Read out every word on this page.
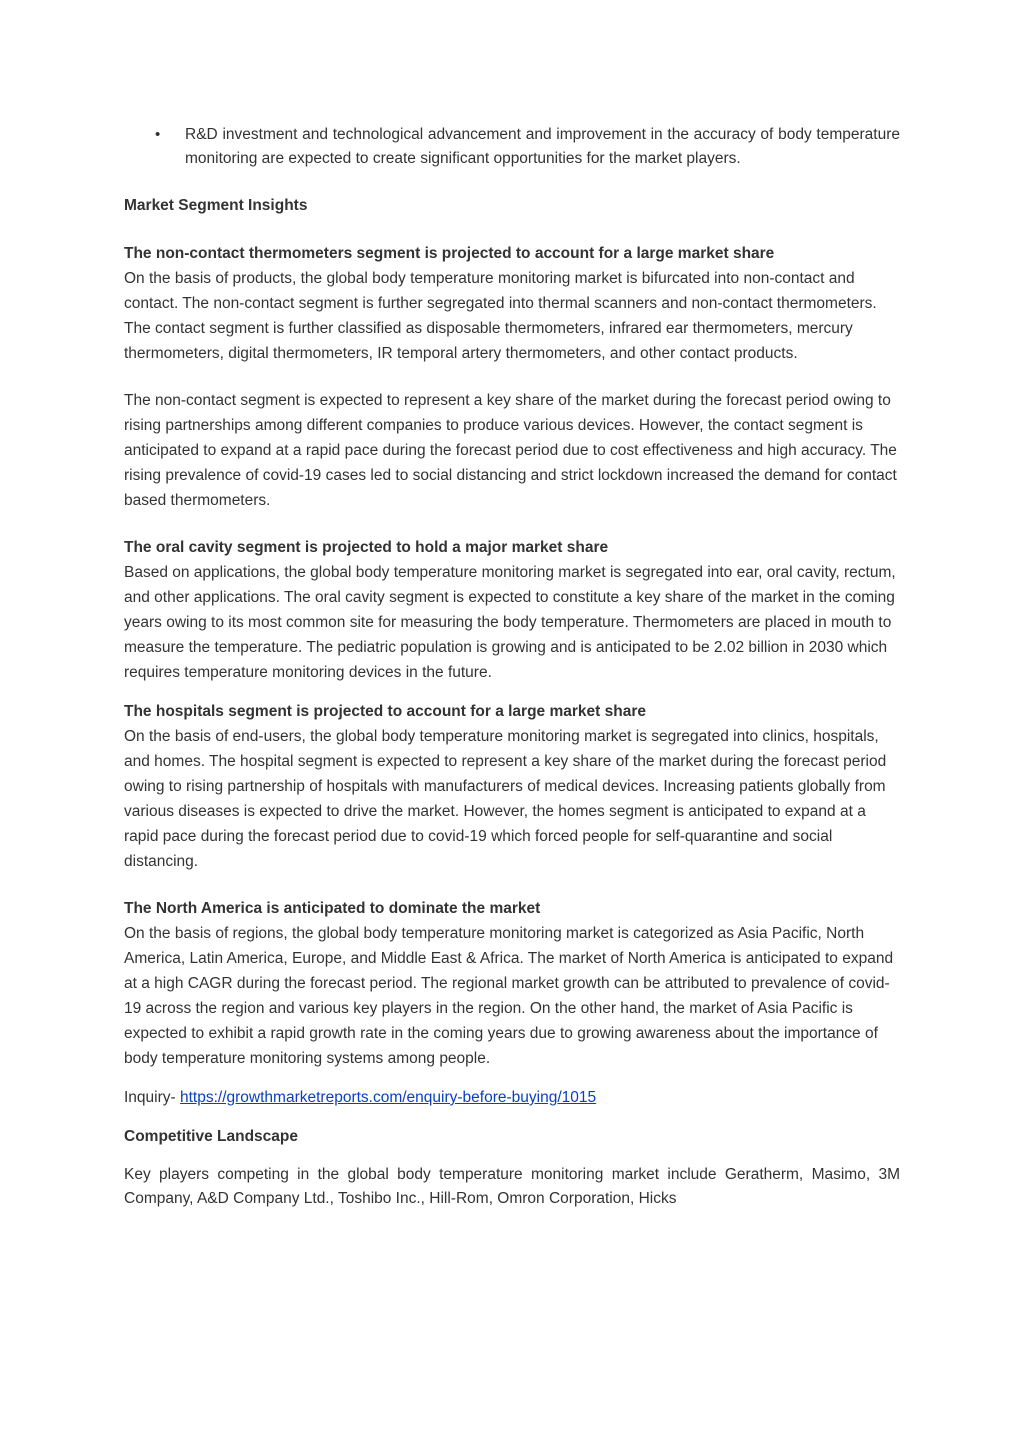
• R&D investment and technological advancement and improvement in the accuracy of body temperature monitoring are expected to create significant opportunities for the market players.

Market Segment Insights

The non-contact thermometers segment is projected to account for a large market share

On the basis of products, the global body temperature monitoring market is bifurcated into non-contact and contact. The non-contact segment is further segregated into thermal scanners and non-contact thermometers. The contact segment is further classified as disposable thermometers, infrared ear thermometers, mercury thermometers, digital thermometers, IR temporal artery thermometers, and other contact products.

The non-contact segment is expected to represent a key share of the market during the forecast period owing to rising partnerships among different companies to produce various devices. However, the contact segment is anticipated to expand at a rapid pace during the forecast period due to cost effectiveness and high accuracy. The rising prevalence of covid-19 cases led to social distancing and strict lockdown increased the demand for contact based thermometers.

The oral cavity segment is projected to hold a major market share

Based on applications, the global body temperature monitoring market is segregated into ear, oral cavity, rectum, and other applications. The oral cavity segment is expected to constitute a key share of the market in the coming years owing to its most common site for measuring the body temperature. Thermometers are placed in mouth to measure the temperature. The pediatric population is growing and is anticipated to be 2.02 billion in 2030 which requires temperature monitoring devices in the future.

The hospitals segment is projected to account for a large market share

On the basis of end-users, the global body temperature monitoring market is segregated into clinics, hospitals, and homes. The hospital segment is expected to represent a key share of the market during the forecast period owing to rising partnership of hospitals with manufacturers of medical devices. Increasing patients globally from various diseases is expected to drive the market. However, the homes segment is anticipated to expand at a rapid pace during the forecast period due to covid-19 which forced people for self-quarantine and social distancing.

The North America is anticipated to dominate the market

On the basis of regions, the global body temperature monitoring market is categorized as Asia Pacific, North America, Latin America, Europe, and Middle East & Africa. The market of North America is anticipated to expand at a high CAGR during the forecast period. The regional market growth can be attributed to prevalence of covid-19 across the region and various key players in the region. On the other hand, the market of Asia Pacific is expected to exhibit a rapid growth rate in the coming years due to growing awareness about the importance of body temperature monitoring systems among people.

Inquiry- https://growthmarketreports.com/enquiry-before-buying/1015

Competitive Landscape

Key players competing in the global body temperature monitoring market include Geratherm, Masimo, 3M Company, A&D Company Ltd., Toshibo Inc., Hill-Rom, Omron Corporation, Hicks
